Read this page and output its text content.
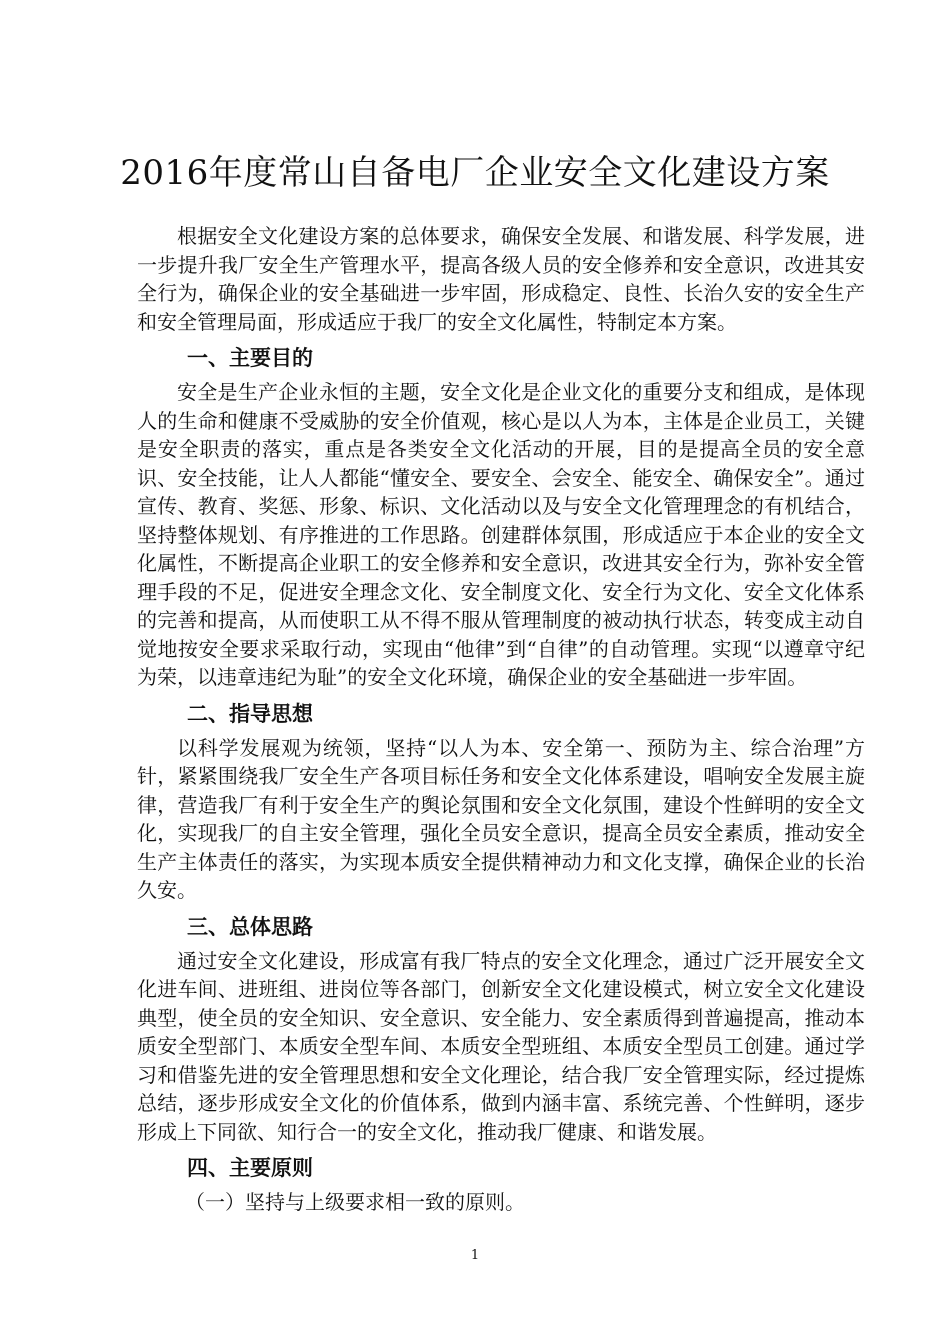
2016年度常山自备电厂企业安全文化建设方案

根据安全文化建设方案的总体要求，确保安全发展、和谐发展、科学发展，进一步提升我厂安全生产管理水平，提高各级人员的安全修养和安全意识，改进其安全行为，确保企业的安全基础进一步牢固，形成稳定、良性、长治久安的安全生产和安全管理局面，形成适应于我厂的安全文化属性，特制定本方案。

一、主要目的

安全是生产企业永恒的主题，安全文化是企业文化的重要分支和组成，是体现人的生命和健康不受威胁的安全价值观，核心是以人为本，主体是企业员工，关键是安全职责的落实，重点是各类安全文化活动的开展，目的是提高全员的安全意识、安全技能，让人人都能“懂安全、要安全、会安全、能安全、确保安全”。通过宣传、教育、奖惩、形象、标识、文化活动以及与安全文化管理理念的有机结合，坚持整体规划、有序推进的工作思路。创建群体氛围，形成适应于本企业的安全文化属性，不断提高企业职工的安全修养和安全意识，改进其安全行为，弥补安全管理手段的不足，促进安全理念文化、安全制度文化、安全行为文化、安全文化体系的完善和提高，从而使职工从不得不服从管理制度的被动执行状态，转变成主动自觉地按安全要求采取行动，实现由“他律”到“自律”的自动管理。实现“以遵章守纪为荣，以违章违纪为耻”的安全文化环境，确保企业的安全基础进一步牢固。

二、指导思想

以科学发展观为统领，坚持“以人为本、安全第一、预防为主、综合治理”方针，紧紧围绕我厂安全生产各项目标任务和安全文化体系建设，唱响安全发展主旋律，营造我厂有利于安全生产的舆论氛围和安全文化氛围，建设个性鲜明的安全文化，实现我厂的自主安全管理，强化全员安全意识，提高全员安全素质，推动安全生产主体责任的落实，为实现本质安全提供精神动力和文化支撑，确保企业的长治久安。

三、总体思路

通过安全文化建设，形成富有我厂特点的安全文化理念，通过广泛开展安全文化进车间、进班组、进岗位等各部门，创新安全文化建设模式，树立安全文化建设典型，使全员的安全知识、安全意识、安全能力、安全素质得到普遍提高，推动本质安全型部门、本质安全型车间、本质安全型班组、本质安全型员工创建。通过学习和借鉴先进的安全管理思想和安全文化理论，结合我厂安全管理实际，经过提炼总结，逐步形成安全文化的价值体系，做到内涵丰富、系统完善、个性鲜明，逐步形成上下同欲、知行合一的安全文化，推动我厂健康、和谐发展。

四、主要原则

（一）坚持与上级要求相一致的原则。

1
